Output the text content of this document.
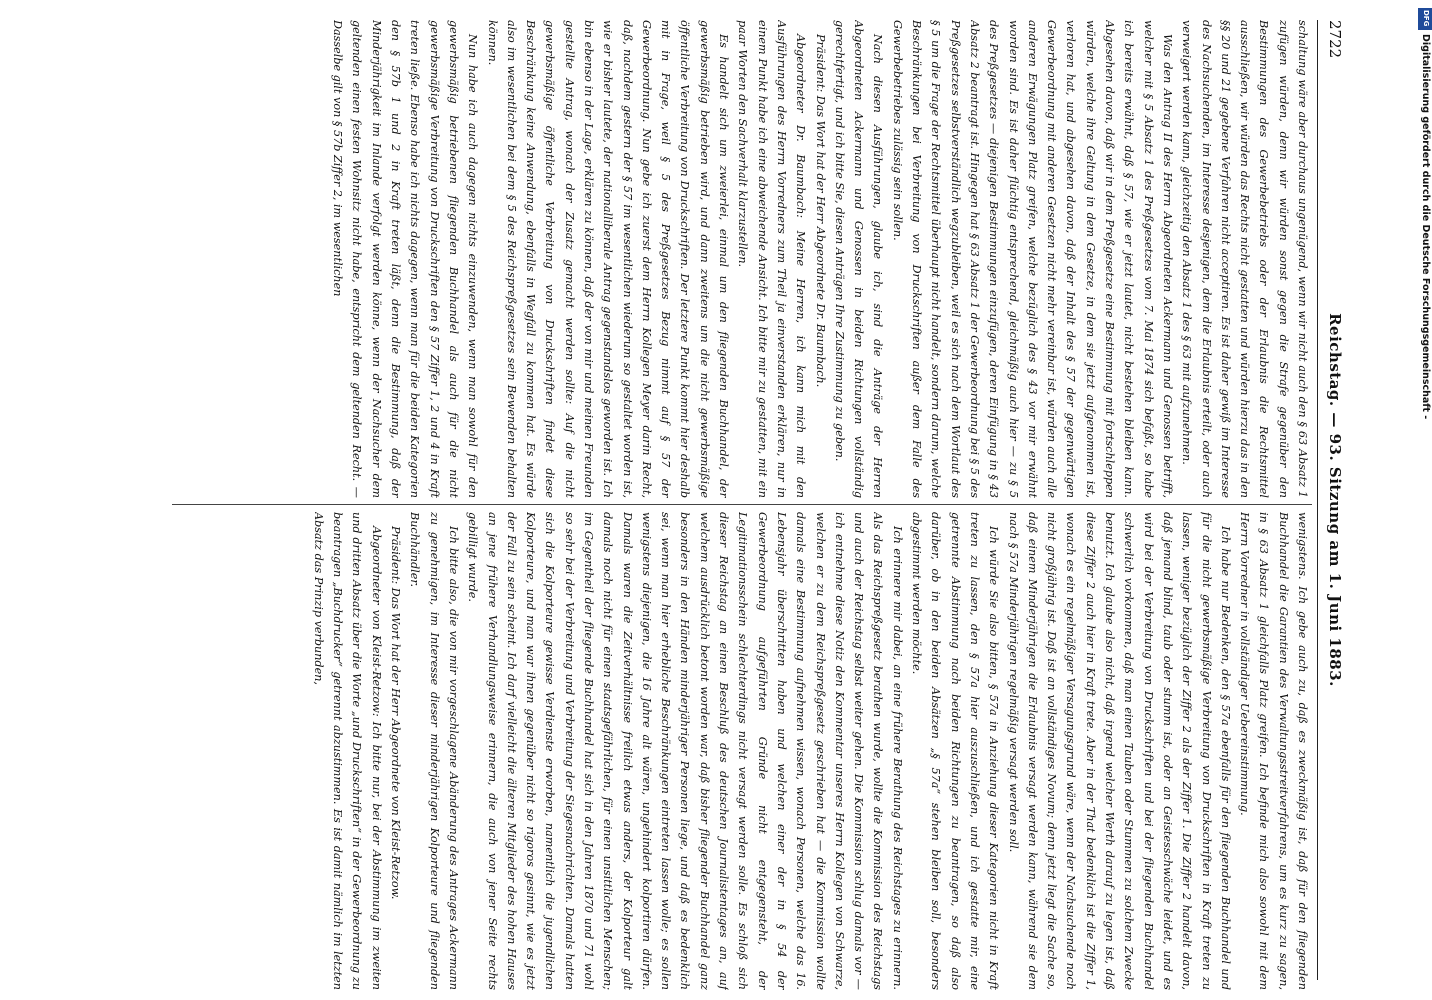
2722
Reichstag. — 93. Sitzung am 1. Juni 1883.

schaltung wäre aber durchaus ungenügend, wenn wir nicht auch den § 63 Absatz 1 zufügen würden, denn wir würden sonst gegen die Strafe gegenüber den Bestimmungen des Gewerbebetriebs oder der Erlaubnis die Rechtsmittel ausschließen, wir würden das Rechts nicht gestatten und würden hierzu das in den §§ 20 und 21 gegebene Verfahren nicht acceptiren. Es ist daher gewiß im Interesse des Nachsuchenden, im Interesse desjenigen, dem die Erlaubnis erteilt, oder auch verweigert werden kann, gleichzeitig den Absatz 1 des § 63 mit aufzunehmen.

Was den Antrag II des Herrn Abgeordneten Ackermann und Genossen betrifft, welcher mit § 5 Absatz 1 des Preßgesetzes vom 7. Mai 1874 sich befaßt, so habe ich bereits erwähnt, daß § 57, wie er jetzt lautet, nicht bestehen bleiben kann. Abgesehen davon, daß wir in dem Preßgesetze eine Bestimmung mit fortschleppen würden, welche ihre Geltung in dem Gesetze, in dem sie jetzt aufgenommen ist, verloren hat, und abgesehen davon, daß der Inhalt des § 57 der gegenwärtigen Gewerbeordnung mit anderen Gesetzen nicht mehr vereinbar ist, würden auch alle anderen Erwägungen Platz greifen, welche bezüglich des § 43 vor mir erwähnt worden sind. Es ist daher flüchtig entsprechend, gleichmäßig auch hier — zu § 5 des Preßgesetzes — diejenigen Bestimmungen einzufügen, deren Einfügung in § 43 Absatz 2 beantragt ist. Hingegen hat § 63 Absatz 1 der Gewerbeordnung bei § 5 des Preßgesetzes selbstverständlich wegzubleiben, weil es sich nach dem Wortlaut des § 5 um die Frage der Rechtsmittel überhaupt nicht handelt, sondern darum, welche Beschränkungen bei Verbreitung von Druckschriften außer dem Falle des Gewerbebetriebes zulässig sein sollen.

Nach diesen Ausführungen, glaube ich, sind die Anträge der Herren Abgeordneten Ackermann und Genossen in beiden Richtungen vollständig gerechtfertigt, und ich bitte Sie, diesen Anträgen Ihre Zustimmung zu geben.

Präsident: Das Wort hat der Herr Abgeordnete Dr. Baumbach.

Abgeordneter Dr. Baumbach: Meine Herren, ich kann mich mit den Ausführungen des Herrn Vorredners zum Theil ja einverstanden erklären, nur in einem Punkt habe ich eine abweichende Ansicht. Ich bitte mir zu gestatten, mit ein paar Worten den Sachverhalt klarzustellen.

Es handelt sich um zweierlei, einmal um den fliegenden Buchhandel, der gewerbsmäßig betrieben wird, und dann zweitens um die nicht gewerbsmäßige öffentliche Verbreitung von Druckschriften. Der letztere Punkt kommt hier deshalb mit in Frage, weil § 5 des Preßgesetzes Bezug nimmt auf § 57 der Gewerbeordnung. Nun gebe ich zuerst dem Herrn Kollegen Meyer darin Recht, daß, nachdem gestern der § 57 im wesentlichen wiederum so gestaltet worden ist, wie er bisher lautete, der nationalliberale Antrag gegenstandslos geworden ist. Ich bin ebenso in der Lage, erklären zu können, daß der von mir und meinen Freunden gestellte Antrag, wonach der Zusatz gemacht werden sollte: Auf die nicht gewerbsmäßige öffentliche Verbreitung von Druckschriften findet diese Beschränkung keine Anwendung, ebenfalls in Wegfall zu kommen hat. Es würde also im wesentlichen bei dem § 5 des Reichspreßgesetzes sein Bewenden behalten können.

Nun habe ich auch dagegen nichts einzuwenden, wenn man sowohl für den gewerbsmäßig betriebenen fliegenden Buchhandel als auch für die nicht gewerbsmäßige Verbreitung von Druckschriften den § 57 Ziffer 1, 2 und 4 in Kraft treten ließe. Ebenso habe ich nichts dagegen, wenn man für die beiden Kategorien den § 57b 1 und 2 in Kraft treten läßt, denn die Bestimmung, daß der Minderjährigkeit im Inlande verfolgt werden könne, wenn der Nachsucher dem geltenden einen festen Wohnsitz nicht habe, entspricht dem geltenden Recht. — Dasselbe gilt von § 57b Ziffer 2, im wesentlichen

wenigstens. Ich gebe auch zu, daß es zweckmäßig ist, daß für den fliegenden Buchhandel die Garantien des Verwaltungsstreitverfahrens, um es kurz zu sagen, in § 63 Absatz 1 gleichfalls Platz greifen. Ich befinde mich also sowohl mit dem Herrn Vorredner in vollständiger Uebereinstimmung.

Ich habe nur Bedenken, den § 57a ebenfalls für den fliegenden Buchhandel und für die nicht gewerbsmäßige Verbreitung von Druckschriften in Kraft treten zu lassen, weniger bezüglich der Ziffer 2 als der Ziffer 1. Die Ziffer 2 handelt davon, daß jemand blind, taub oder stumm ist, oder an Geistesschwäche leidet, und es wird bei der Verbreitung von Druckschriften und bei der fliegenden Buchhandel schwerlich vorkommen, daß man einen Tauben oder Stummen zu solchem Zwecke benutzt. Ich glaube also nicht, daß irgend welcher Werth darauf zu legen ist, daß diese Ziffer 2 auch hier in Kraft trete. Aber in der That bedenklich ist die Ziffer 1, wonach es ein regelmäßiger Versagungsgrund wäre, wenn der Nachsuchende noch nicht großjährig ist. Daß ist an vollständiges Novum; denn jetzt liegt die Sache so, daß einem Minderjährigen die Erlaubnis versagt werden kann, während sie dem nach § 57a Minderjährigen regelmäßig versagt werden soll.

Ich würde Sie also bitten, § 57a in Anziehung dieser Kategorien nicht in Kraft treten zu lassen, den § 57a hier auszuschließen, und ich gestatte mir, eine getrennte Abstimmung nach beiden Richtungen zu beantragen, so daß also darüber, ob in den beiden Absätzen „§ 57a“ stehen bleiben soll, besonders abgestimmt werden möchte.

Ich erinnere mir dabei, an eine frühere Berathung des Reichstages zu erinnern. Als das Reichspreßgesetz berathen wurde, wollte die Kommission des Reichstags und auch der Reichstag selbst weiter gehen. Die Kommission schlug damals vor — ich entnehme diese Notiz den Kommentar unseres Herrn Kollegen von Schwarze, welchen er zu dem Reichspreßgesetz geschrieben hat — die Kommission wollte damals eine Bestimmung aufnehmen wissen, wonach Personen, welche das 16. Lebensjahr überschritten haben und welchen einer der in § 54 der Gewerbeordnung aufgeführten Gründe nicht entgegensteht, der Legitimationsschein schlechterdings nicht versagt werden solle. Es schloß sich dieser Reichstag an einen Beschluß des deutschen Journalistentages an, auf welchem ausdrücklich betont worden war, daß bisher fliegender Buchhandel ganz besonders in den Händen minderjähriger Personen liege, und daß es bedenklich sei, wenn man hier erhebliche Beschränkungen eintreten lassen wolle; es sollen wenigstens diejenigen, die 16 Jahre alt wären, ungehindert kolportiren dürfen. Damals waren die Zeitverhältnisse freilich etwas anders, der Kolporteur galt damals noch nicht für einen staatsgefährlichen, für einen unsittlichen Menschen; im Gegentheil der fliegende Buchhandel hat sich in den Jahren 1870 und 71 wohl so sehr bei der Verbreitung und Verbreitung der Siegesnachrichten. Damals hatten sich die Kolporteure gewisse Verdienste erworben, namentlich die jugendlichen Kolporteure, und man war ihnen gegenüber nicht so rigoros gesinnt, wie es jetzt der Fall zu sein scheint. Ich darf vielleicht die älteren Mitglieder des hohen Hauses an jene frühere Verhandlungsweise erinnern, die auch von jener Seite rechts gebilligt wurde.

Ich bitte also, die von mir vorgeschlagene Abänderung des Antrages Ackermann zu genehmigen, im Interesse dieser minderjährigen Kolporteure und fliegenden Buchhändler.

Präsident: Das Wort hat der Herr Abgeordnete von Kleist-Retzow.

Abgeordneter von Kleist-Retzow: Ich bitte nur, bei der Abstimmung im zweiten und dritten Absatz über die Worte „und Druckschriften“ in der Gewerbeordnung zu beantragen „Buchdrucker“ getrennt abzustimmen. Es ist damit nämlich im letzten Absatz das Prinzip verbunden,

DFG
Digitalisierung gefördert durch die Deutsche Forschungsgemeinschaft -
